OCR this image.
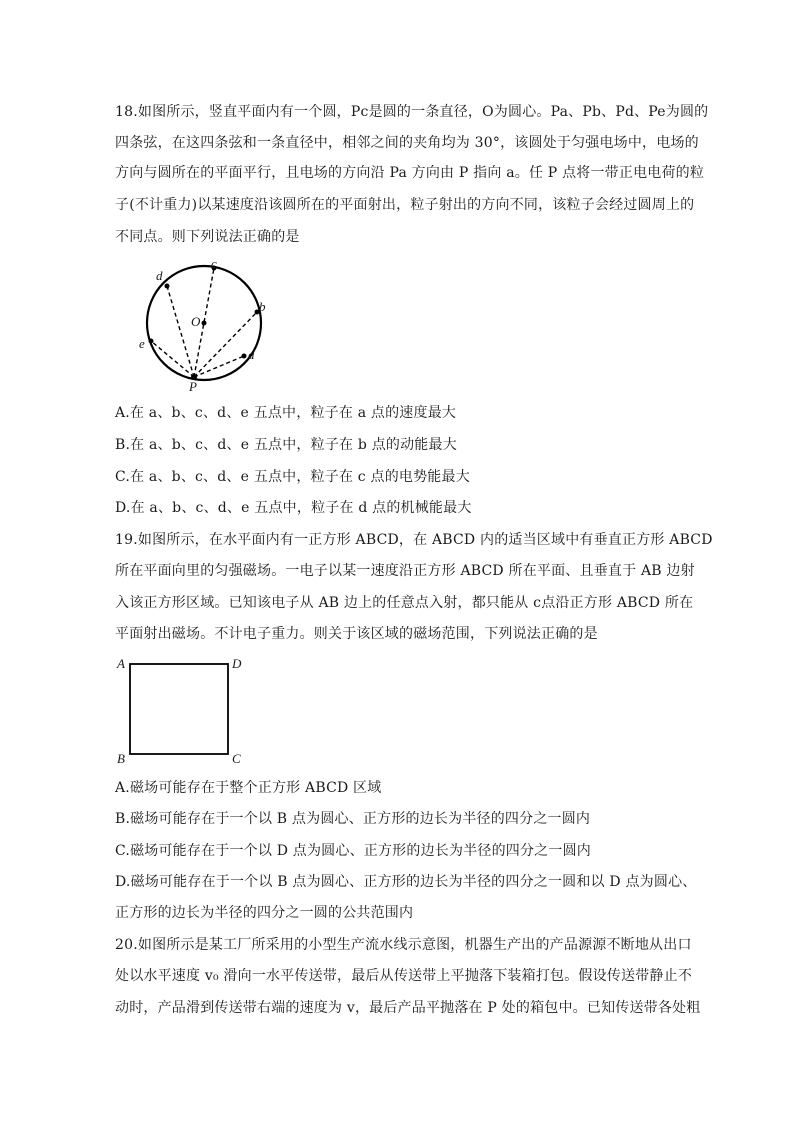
18.如图所示，竖直平面内有一个圆，Pc是圆的一条直径，O为圆心。Pa、Pb、Pd、Pe为圆的
四条弦，在这四条弦和一条直径中，相邻之间的夹角均为 30°，该圆处于匀强电场中，电场的
方向与圆所在的平面平行，且电场的方向沿 Pa 方向由 P 指向 a。任 P 点将一带正电电荷的粒
子(不计重力)以某速度沿该圆所在的平面射出，粒子射出的方向不同，该粒子会经过圆周上的
不同点。则下列说法正确的是
d
c
b
O
e
a
P
A.在 a、b、c、d、e 五点中，粒子在 a 点的速度最大
B.在 a、b、c、d、e 五点中，粒子在 b 点的动能最大
C.在 a、b、c、d、e 五点中，粒子在 c 点的电势能最大
D.在 a、b、c、d、e 五点中，粒子在 d 点的机械能最大
19.如图所示，在水平面内有一正方形 ABCD，在 ABCD 内的适当区域中有垂直正方形 ABCD
所在平面向里的匀强磁场。一电子以某一速度沿正方形 ABCD 所在平面、且垂直于 AB 边射
入该正方形区域。已知该电子从 AB 边上的任意点入射，都只能从 c点沿正方形 ABCD 所在
平面射出磁场。不计电子重力。则关于该区域的磁场范围，下列说法正确的是
A	D
B	C
A.磁场可能存在于整个正方形 ABCD 区域
B.磁场可能存在于一个以 B 点为圆心、正方形的边长为半径的四分之一圆内
C.磁场可能存在于一个以 D 点为圆心、正方形的边长为半径的四分之一圆内
D.磁场可能存在于一个以 B 点为圆心、正方形的边长为半径的四分之一圆和以 D 点为圆心、
正方形的边长为半径的四分之一圆的公共范围内
20.如图所示是某工厂所采用的小型生产流水线示意图，机器生产出的产品源源不断地从出口
处以水平速度 v₀ 滑向一水平传送带，最后从传送带上平抛落下装箱打包。假设传送带静止不
动时，产品滑到传送带右端的速度为 v，最后产品平抛落在 P 处的箱包中。已知传送带各处粗
